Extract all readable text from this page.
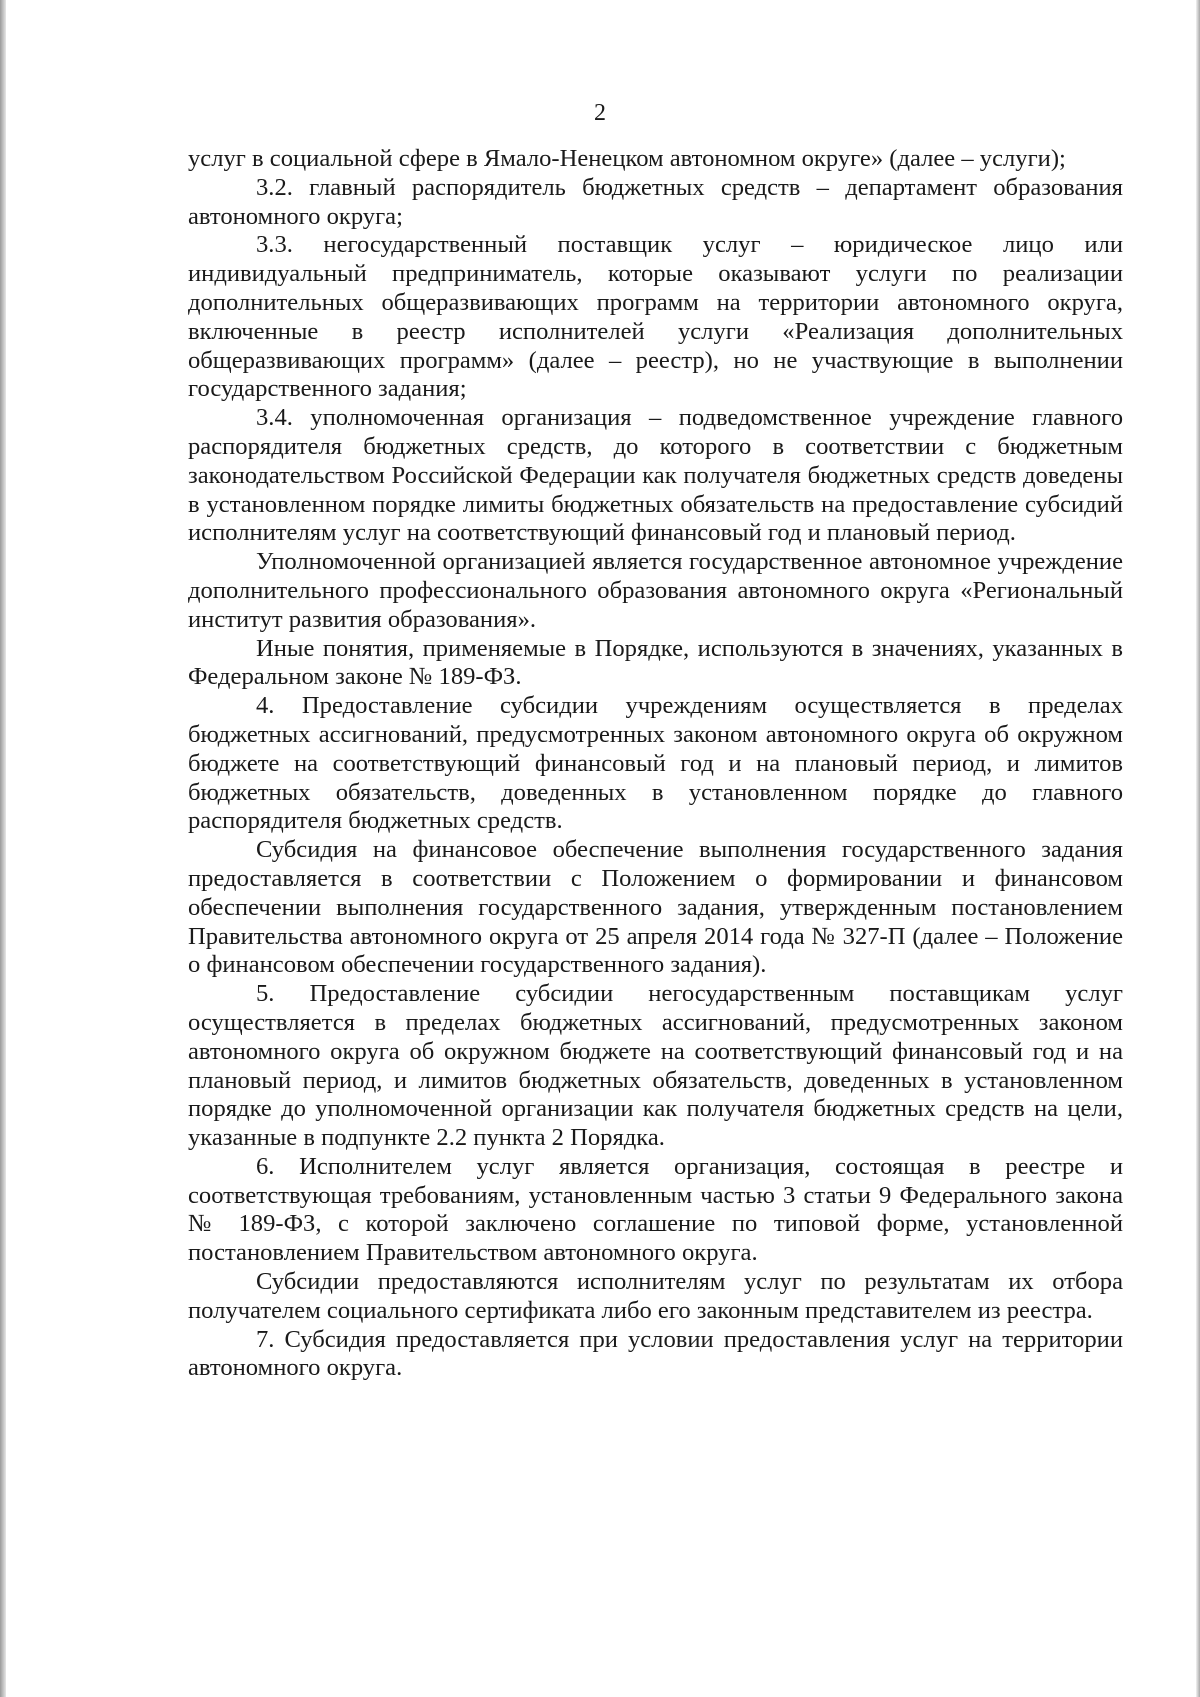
2

услуг в социальной сфере в Ямало-Ненецком автономном округе» (далее – услуги);

3.2. главный распорядитель бюджетных средств – департамент образования автономного округа;

3.3. негосударственный поставщик услуг – юридическое лицо или индивидуальный предприниматель, которые оказывают услуги по реализации дополнительных общеразвивающих программ на территории автономного округа, включенные в реестр исполнителей услуги «Реализация дополнительных общеразвивающих программ» (далее – реестр), но не участвующие в выполнении государственного задания;

3.4. уполномоченная организация – подведомственное учреждение главного распорядителя бюджетных средств, до которого в соответствии с бюджетным законодательством Российской Федерации как получателя бюджетных средств доведены в установленном порядке лимиты бюджетных обязательств на предоставление субсидий исполнителям услуг на соответствующий финансовый год и плановый период.

Уполномоченной организацией является государственное автономное учреждение дополнительного профессионального образования автономного округа «Региональный институт развития образования».

Иные понятия, применяемые в Порядке, используются в значениях, указанных в Федеральном законе № 189-ФЗ.

4. Предоставление субсидии учреждениям осуществляется в пределах бюджетных ассигнований, предусмотренных законом автономного округа об окружном бюджете на соответствующий финансовый год и на плановый период, и лимитов бюджетных обязательств, доведенных в установленном порядке до главного распорядителя бюджетных средств.

Субсидия на финансовое обеспечение выполнения государственного задания предоставляется в соответствии с Положением о формировании и финансовом обеспечении выполнения государственного задания, утвержденным постановлением Правительства автономного округа от 25 апреля 2014 года № 327-П (далее – Положение о финансовом обеспечении государственного задания).

5. Предоставление субсидии негосударственным поставщикам услуг осуществляется в пределах бюджетных ассигнований, предусмотренных законом автономного округа об окружном бюджете на соответствующий финансовый год и на плановый период, и лимитов бюджетных обязательств, доведенных в установленном порядке до уполномоченной организации как получателя бюджетных средств на цели, указанные в подпункте 2.2 пункта 2 Порядка.

6. Исполнителем услуг является организация, состоящая в реестре и соответствующая требованиям, установленным частью 3 статьи 9 Федерального закона № 189-ФЗ, с которой заключено соглашение по типовой форме, установленной постановлением Правительством автономного округа.

Субсидии предоставляются исполнителям услуг по результатам их отбора получателем социального сертификата либо его законным представителем из реестра.

7. Субсидия предоставляется при условии предоставления услуг на территории автономного округа.
